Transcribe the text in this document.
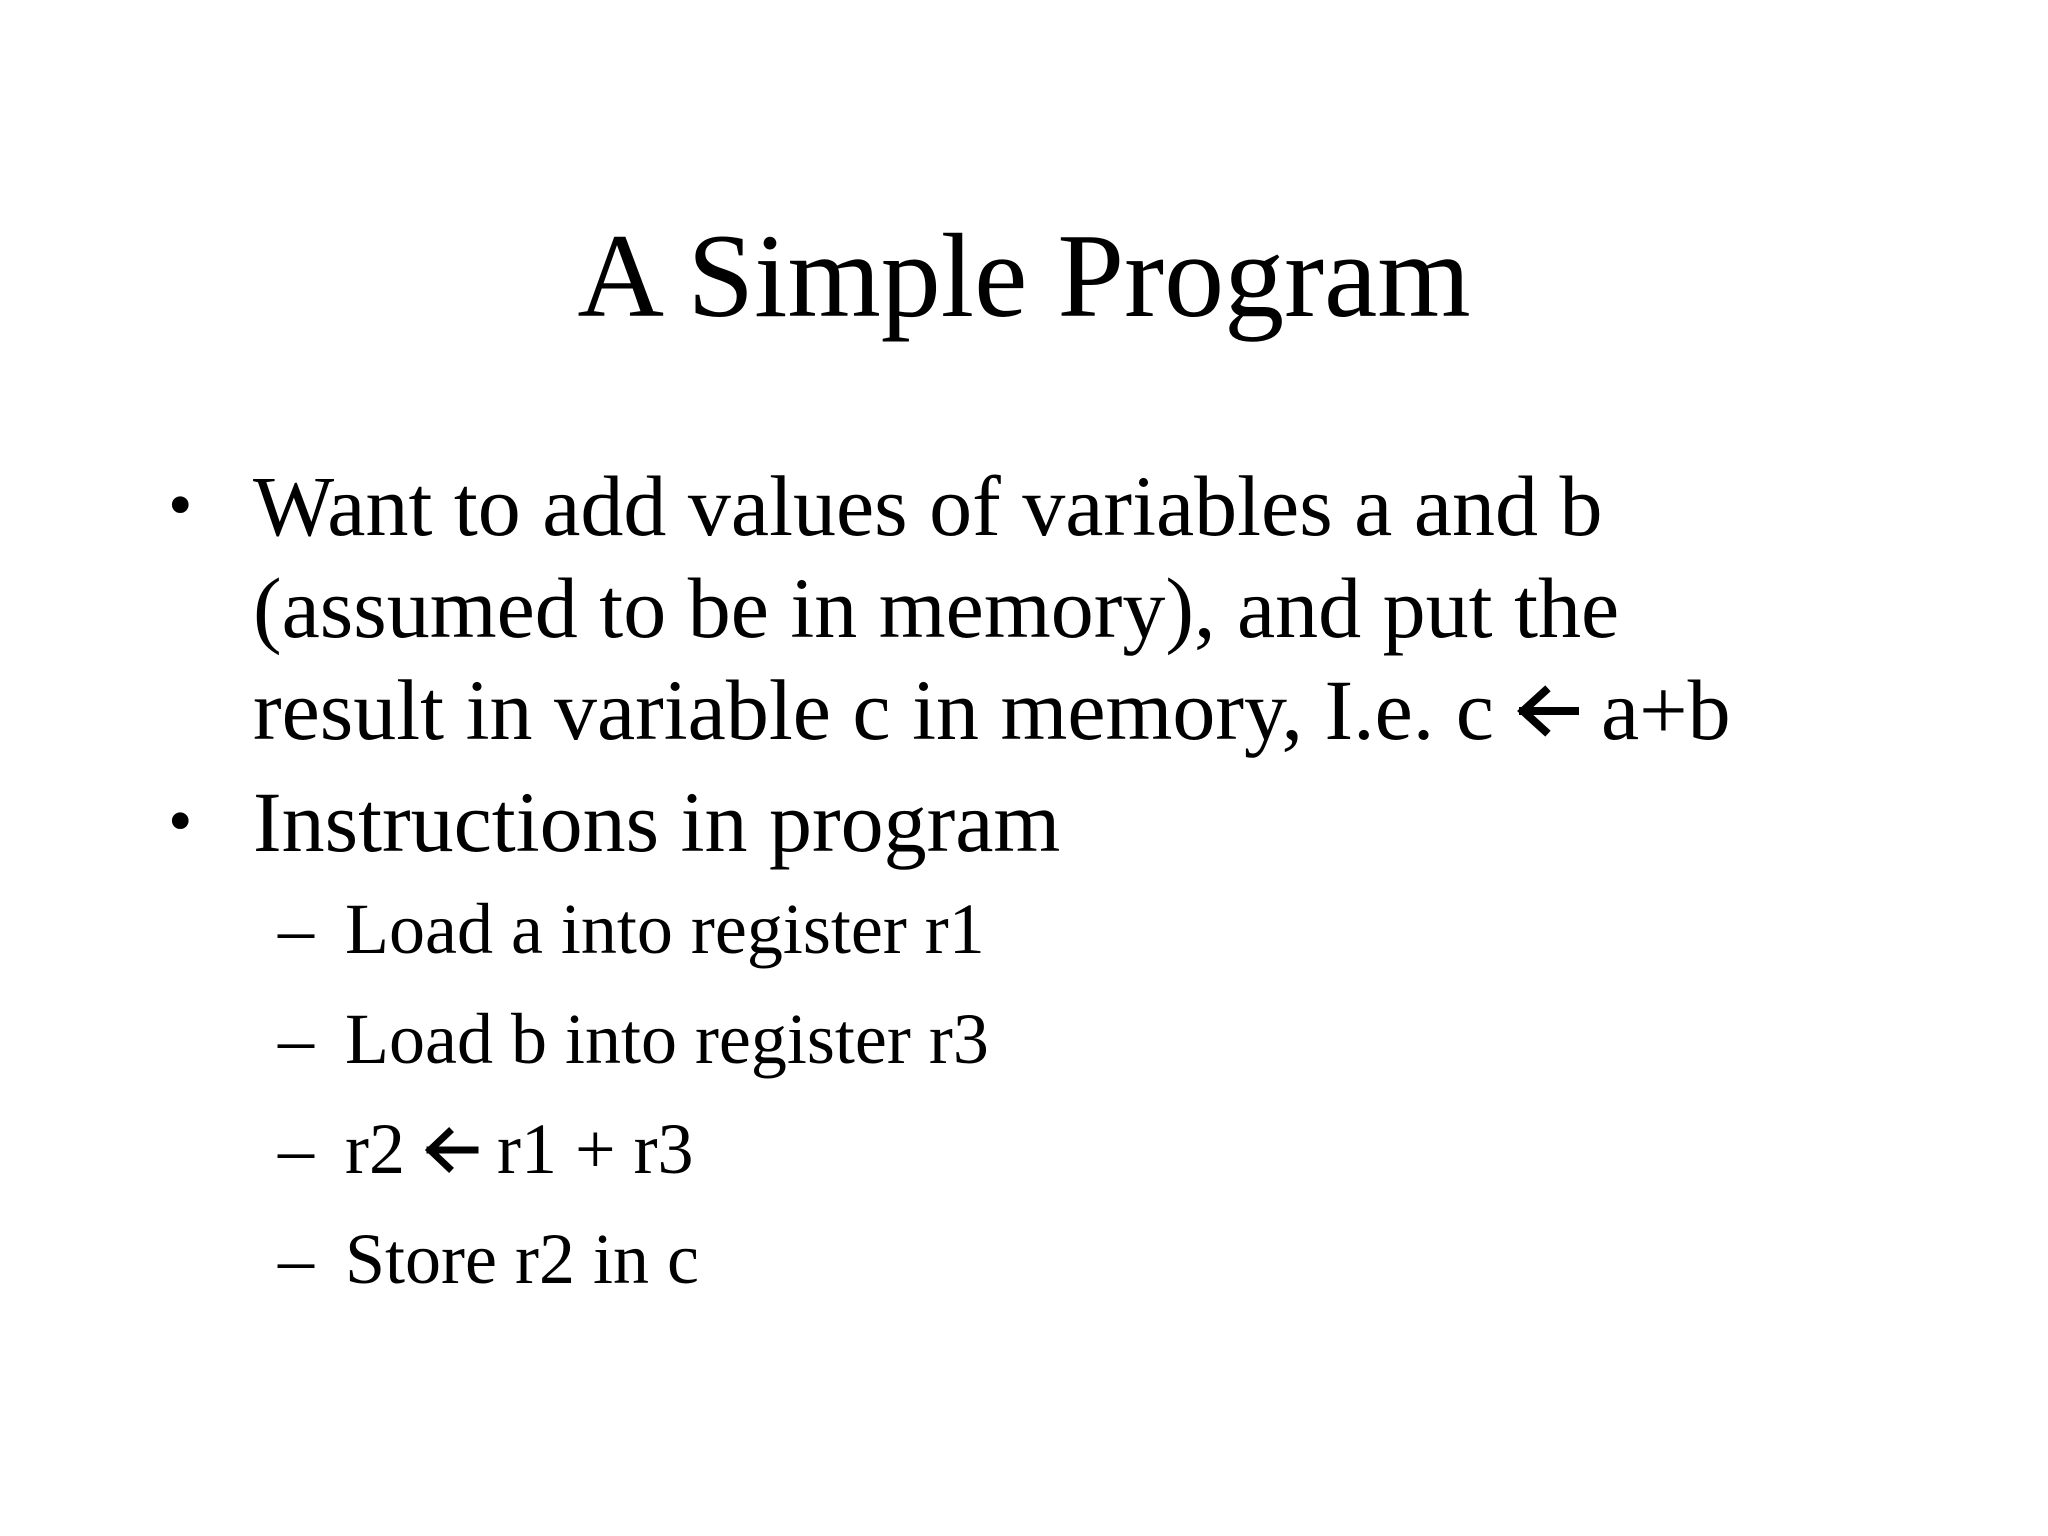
A Simple Program
• Want to add values of variables a and b
(assumed to be in memory), and put the
result in variable c in memory, I.e. c a+b
• Instructions in program
– Load a into register r1
– Load b into register r3
– r2 r1 + r3
– Store r2 in c
